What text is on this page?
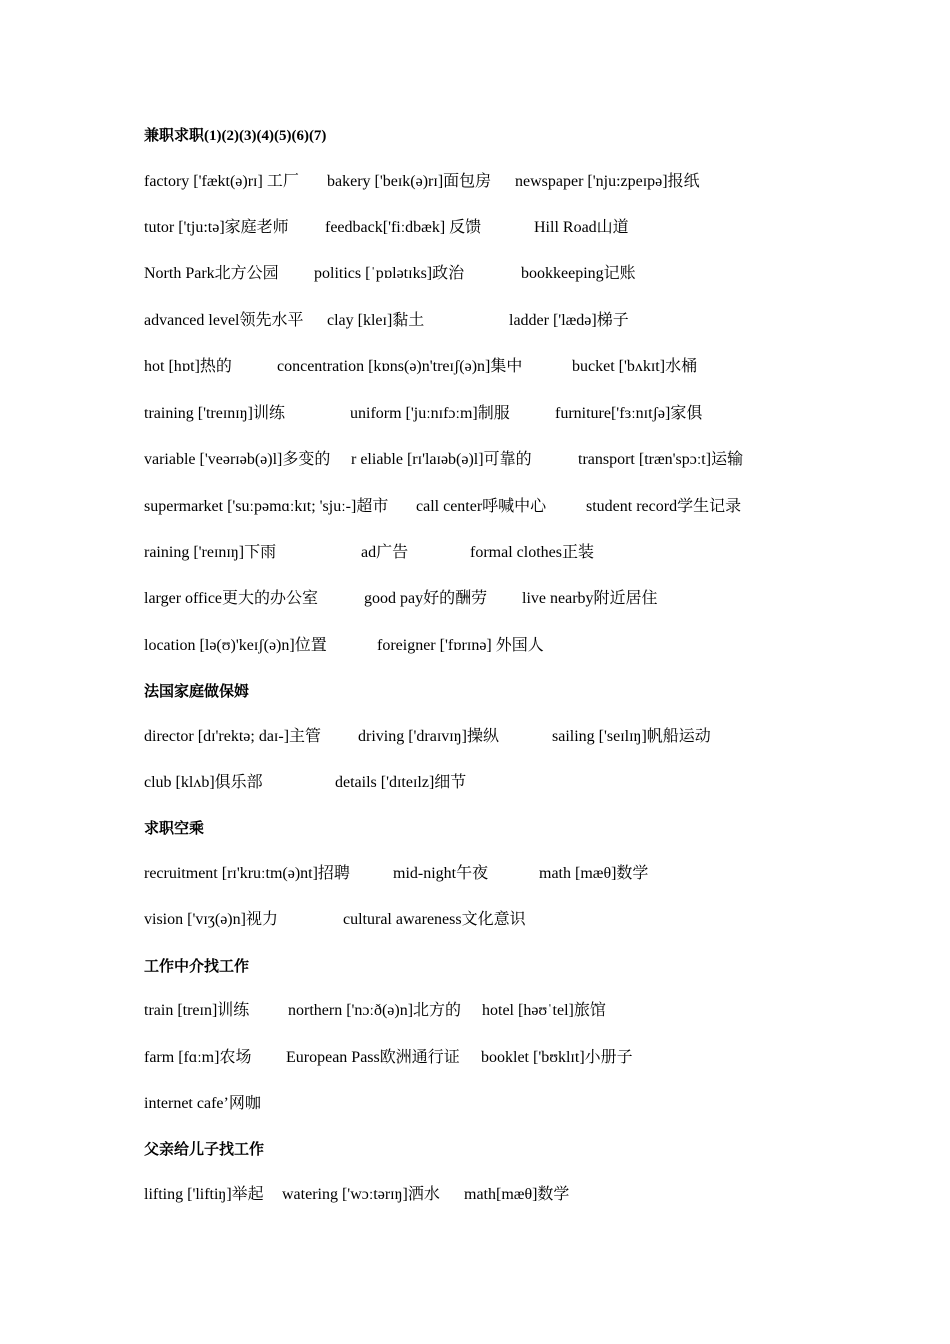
兼职求职(1)(2)(3)(4)(5)(6)(7)
factory ['fækt(ə)rɪ] 工厂 bakery ['beɪk(ə)rɪ]面包房 newspaper ['nju:zpeɪpə]报纸
tutor ['tju:tə]家庭老师 feedback['fiːdbæk] 反馈	Hill Road山道
North Park北方公园 politics [ˈpɒlətɪks]政治	bookkeeping记账
advanced level领先水平 clay [kleɪ]黏土	ladder ['lædə]梯子
hot [hɒt]热的	concentration [kɒns(ə)n'treɪʃ(ə)n]集中	bucket ['bʌkɪt]水桶
training ['treɪnɪŋ]训练	uniform ['juːnɪfɔːm]制服	furniture['fɜːnɪtʃə]家俱
variable ['veərɪəb(ə)l]多变的 r eliable [rɪ'laɪəb(ə)l]可靠的	transport [træn'spɔːt]运输
supermarket ['suːpəmɑːkɪt; 'sjuː-]超市 call center呼喊中心 student record学生记录
raining ['reɪnɪŋ]下雨	ad广告	formal clothes正装
larger office更大的办公室	good pay好的酬劳 live nearby附近居住
location [lə(ʊ)'keɪʃ(ə)n]位置	foreigner ['fɒrɪnə] 外国人
法国家庭做保姆
director [dɪ'rektə; daɪ-]主管 driving ['draɪvɪŋ]操纵	sailing ['seɪlɪŋ]帆船运动
club [klʌb]俱乐部	details ['dɪteɪlz]细节
求职空乘
recruitment [rɪ'kruːtm(ə)nt]招聘	mid-night午夜	math [mæθ]数学
vision ['vɪʒ(ə)n]视力	cultural awareness文化意识
工作中介找工作
train [treɪn]训练 northern ['nɔːð(ə)n]北方的 hotel [həʊˈtel]旅馆
farm [fɑːm]农场 European Pass欧洲通行证 booklet ['bʊklɪt]小册子
internet cafe’网咖
父亲给儿子找工作
lifting ['liftiŋ]举起 watering ['wɔːtərɪŋ]洒水 math[mæθ]数学
